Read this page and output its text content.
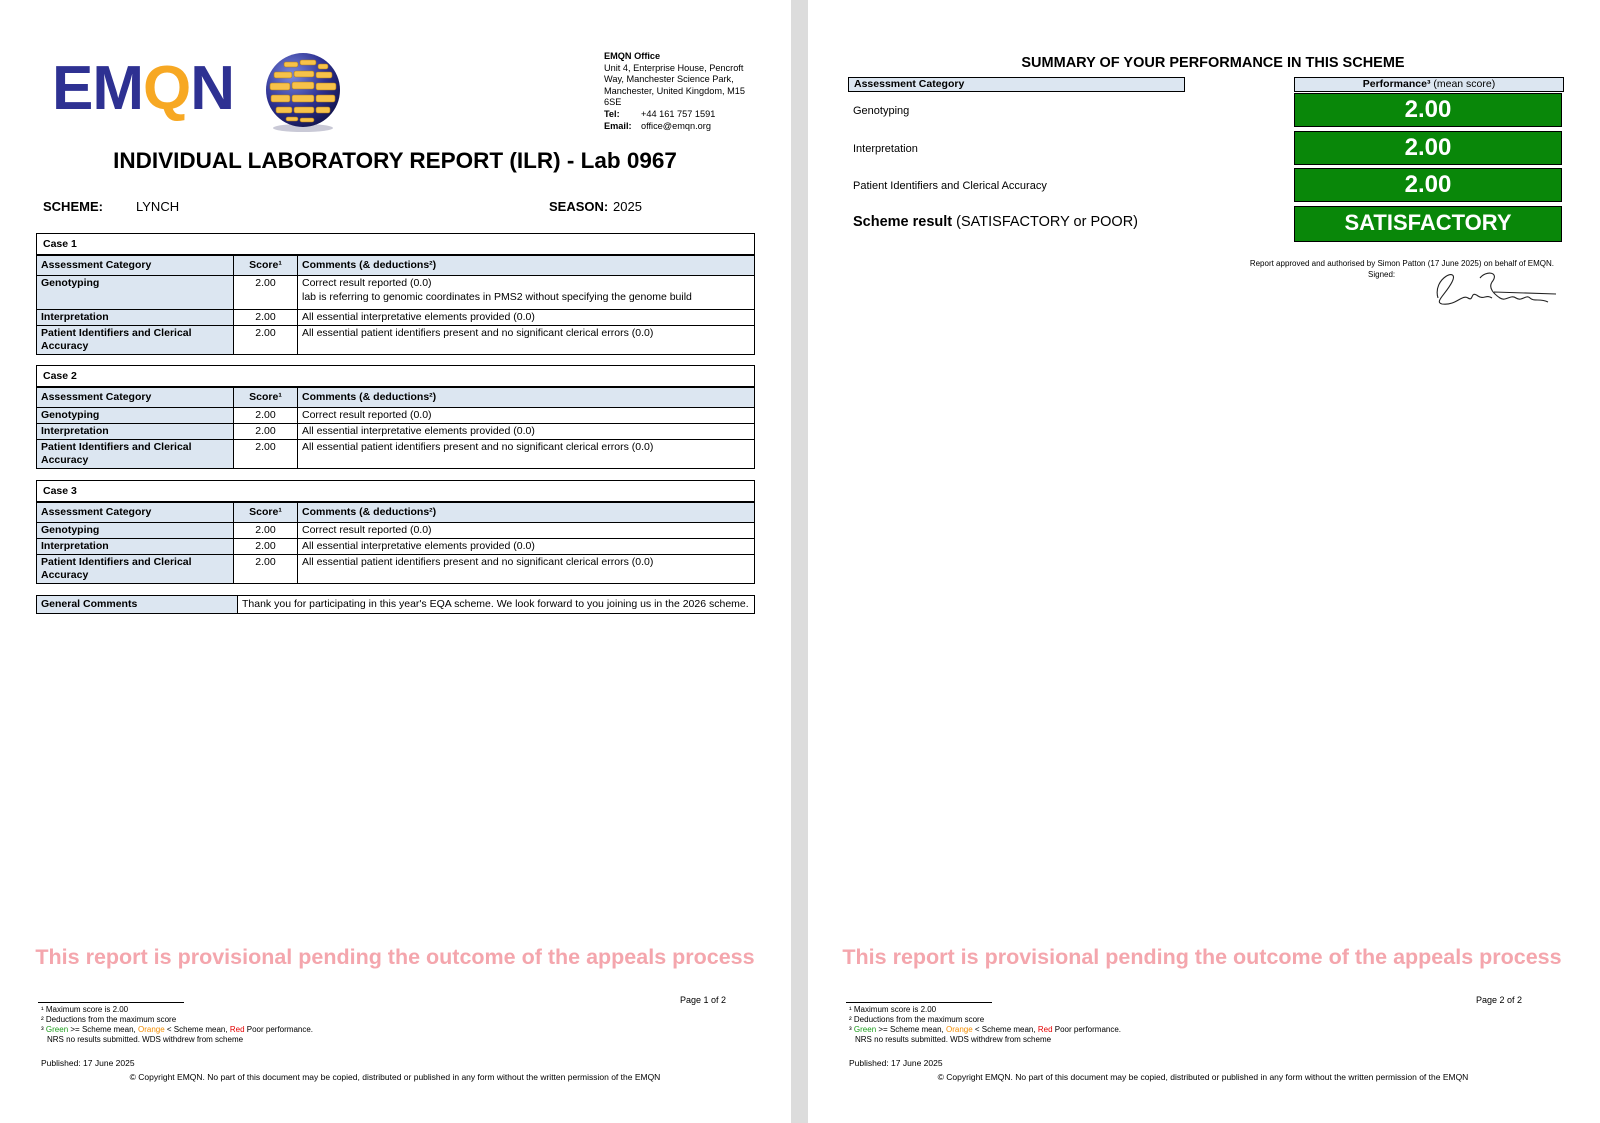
EMQN	EMQN Office
Unit 4, Enterprise House, Pencroft Way, Manchester Science Park, Manchester, United Kingdom, M15 6SE
Tel: +44 161 757 1591
Email: office@emqn.org
INDIVIDUAL LABORATORY REPORT (ILR) - Lab 0967
SCHEME:	LYNCH	SEASON: 2025
Case 1
Assessment Category	Score¹	Comments (& deductions²)
Genotyping	2.00	Correct result reported (0.0)
lab is referring to genomic coordinates in PMS2 without specifying the genome build

Interpretation	2.00	All essential interpretative elements provided (0.0)
Patient Identifiers and Clerical Accuracy	2.00	All essential patient identifiers present and no significant clerical errors (0.0)
Case 2
Assessment Category	Score¹	Comments (& deductions²)
Genotyping	2.00	Correct result reported (0.0)
Interpretation	2.00	All essential interpretative elements provided (0.0)
Patient Identifiers and Clerical Accuracy	2.00	All essential patient identifiers present and no significant clerical errors (0.0)
Case 3
Assessment Category	Score¹	Comments (& deductions²)
Genotyping	2.00	Correct result reported (0.0)
Interpretation	2.00	All essential interpretative elements provided (0.0)
Patient Identifiers and Clerical Accuracy	2.00	All essential patient identifiers present and no significant clerical errors (0.0)
General Comments	Thank you for participating in this year's EQA scheme. We look forward to you joining us in the 2026 scheme.
This report is provisional pending the outcome of the appeals process
Page 1 of 2
¹ Maximum score is 2.00
² Deductions from the maximum score
³ Green >= Scheme mean, Orange < Scheme mean, Red Poor performance.
NRS no results submitted. WDS withdrew from scheme
Published: 17 June 2025
© Copyright EMQN. No part of this document may be copied, distributed or published in any form without the written permission of the EMQN
SUMMARY OF YOUR PERFORMANCE IN THIS SCHEME
Assessment Category	Performance³ (mean score)
Genotyping	2.00
Interpretation	2.00
Patient Identifiers and Clerical Accuracy	2.00
Scheme result (SATISFACTORY or POOR)	SATISFACTORY
Report approved and authorised by Simon Patton (17 June 2025) on behalf of EMQN.
Signed:
This report is provisional pending the outcome of the appeals process
Page 2 of 2
¹ Maximum score is 2.00
² Deductions from the maximum score
³ Green >= Scheme mean, Orange < Scheme mean, Red Poor performance.
NRS no results submitted. WDS withdrew from scheme
Published: 17 June 2025
© Copyright EMQN. No part of this document may be copied, distributed or published in any form without the written permission of the EMQN
